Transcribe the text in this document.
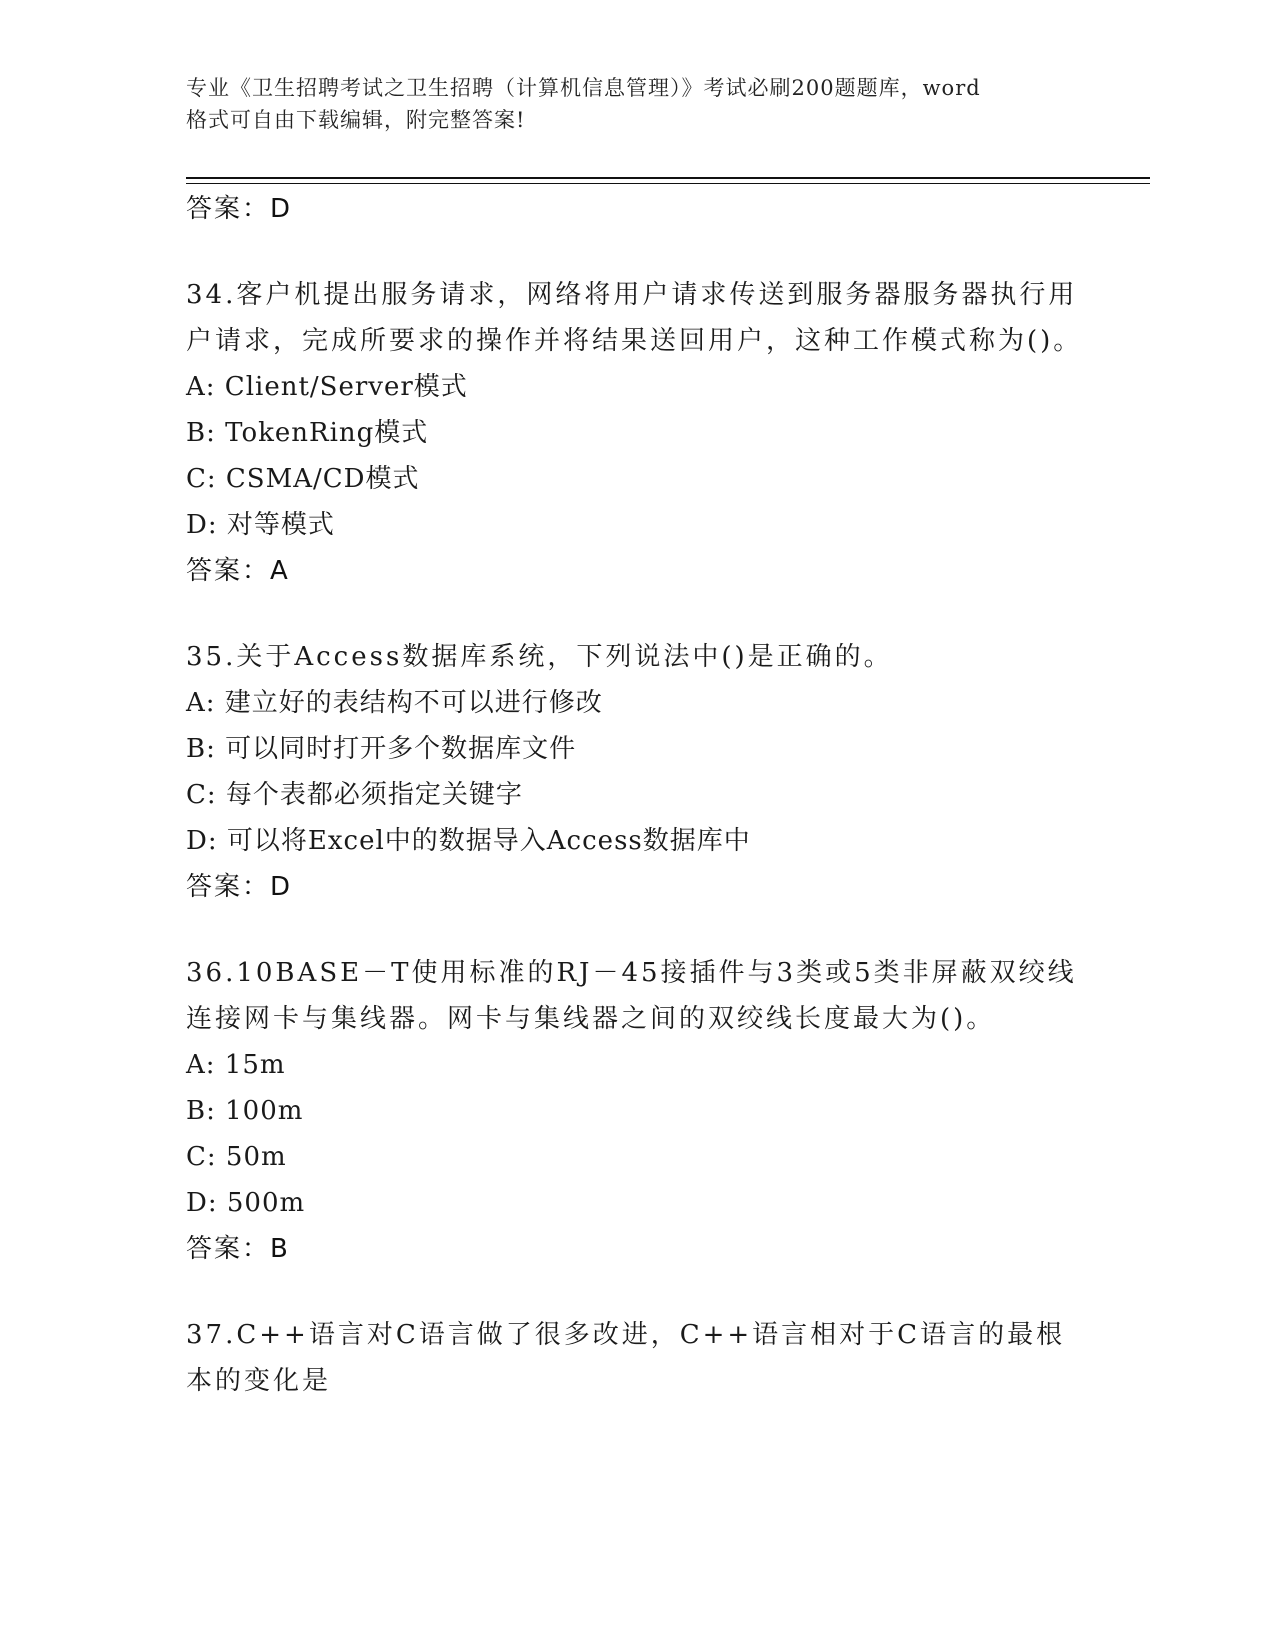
专业《卫生招聘考试之卫生招聘（计算机信息管理）》考试必刷200题题库，word
格式可自由下载编辑，附完整答案!
答案：D
34.客户机提出服务请求，网络将用户请求传送到服务器服务器执行用户请求，完成所要求的操作并将结果送回用户，这种工作模式称为()。
A: Client/Server模式
B: TokenRing模式
C: CSMA/CD模式
D: 对等模式
答案：A
35.关于Access数据库系统，下列说法中()是正确的。
A: 建立好的表结构不可以进行修改
B: 可以同时打开多个数据库文件
C: 每个表都必须指定关键字
D: 可以将Excel中的数据导入Access数据库中
答案：D
36.10BASE－T使用标准的RJ－45接插件与3类或5类非屏蔽双绞线连接网卡与集线器。网卡与集线器之间的双绞线长度最大为()。
A: 15m
B: 100m
C: 50m
D: 500m
答案：B
37.C++语言对C语言做了很多改进，C++语言相对于C语言的最根本的变化是
